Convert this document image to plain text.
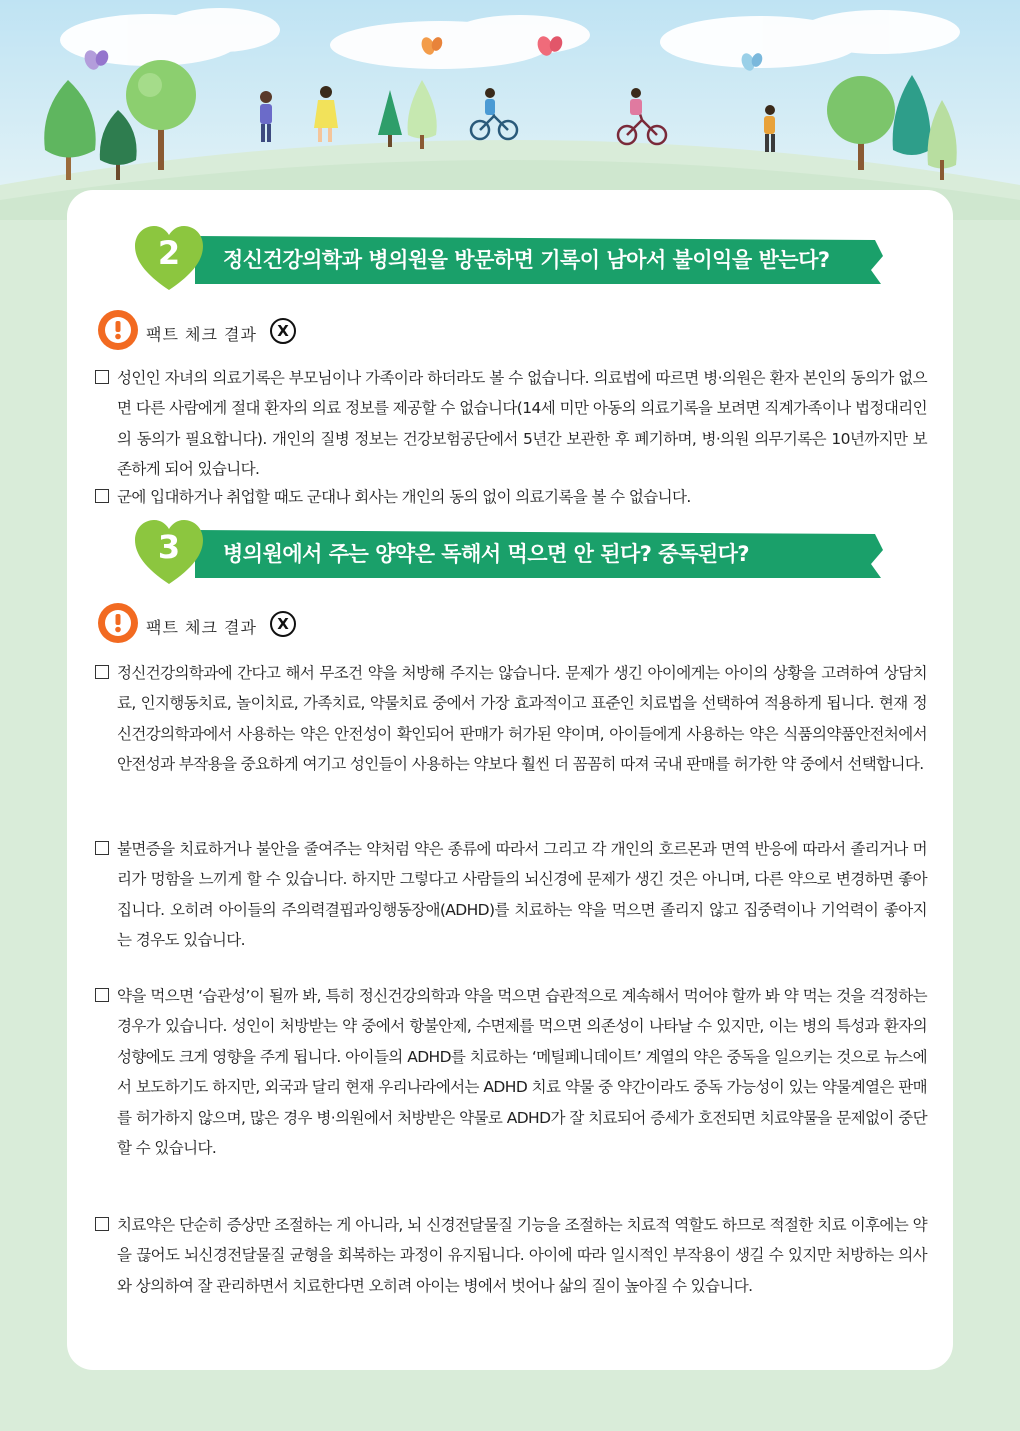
2	정신건강의학과 병의원을 방문하면 기록이 남아서 불이익을 받는다?
팩트 체크 결과	X

성인인 자녀의 의료기록은 부모님이나 가족이라 하더라도 볼 수 없습니다. 의료법에 따르면 병·의원은 환자 본인의 동의가 없으면 다른 사람에게 절대 환자의 의료 정보를 제공할 수 없습니다(14세 미만 아동의 의료기록을 보려면 직계가족이나 법정대리인의 동의가 필요합니다). 개인의 질병 정보는 건강보험공단에서 5년간 보관한 후 폐기하며, 병·의원 의무기록은 10년까지만 보존하게 되어 있습니다.

군에 입대하거나 취업할 때도 군대나 회사는 개인의 동의 없이 의료기록을 볼 수 없습니다.

3	병의원에서 주는 양약은 독해서 먹으면 안 된다? 중독된다?
팩트 체크 결과	X

정신건강의학과에 간다고 해서 무조건 약을 처방해 주지는 않습니다. 문제가 생긴 아이에게는 아이의 상황을 고려하여 상담치료, 인지행동치료, 놀이치료, 가족치료, 약물치료 중에서 가장 효과적이고 표준인 치료법을 선택하여 적용하게 됩니다. 현재 정신건강의학과에서 사용하는 약은 안전성이 확인되어 판매가 허가된 약이며, 아이들에게 사용하는 약은 식품의약품안전처에서 안전성과 부작용을 중요하게 여기고 성인들이 사용하는 약보다 훨씬 더 꼼꼼히 따져 국내 판매를 허가한 약 중에서 선택합니다.

불면증을 치료하거나 불안을 줄여주는 약처럼 약은 종류에 따라서 그리고 각 개인의 호르몬과 면역 반응에 따라서 졸리거나 머리가 멍함을 느끼게 할 수 있습니다. 하지만 그렇다고 사람들의 뇌신경에 문제가 생긴 것은 아니며, 다른 약으로 변경하면 좋아집니다. 오히려 아이들의 주의력결핍과잉행동장애(ADHD)를 치료하는 약을 먹으면 졸리지 않고 집중력이나 기억력이 좋아지는 경우도 있습니다.

약을 먹으면 ‘습관성’이 될까 봐, 특히 정신건강의학과 약을 먹으면 습관적으로 계속해서 먹어야 할까 봐 약 먹는 것을 걱정하는 경우가 있습니다. 성인이 처방받는 약 중에서 항불안제, 수면제를 먹으면 의존성이 나타날 수 있지만, 이는 병의 특성과 환자의 성향에도 크게 영향을 주게 됩니다. 아이들의 ADHD를 치료하는 ‘메틸페니데이트’ 계열의 약은 중독을 일으키는 것으로 뉴스에서 보도하기도 하지만, 외국과 달리 현재 우리나라에서는 ADHD 치료 약물 중 약간이라도 중독 가능성이 있는 약물계열은 판매를 허가하지 않으며, 많은 경우 병·의원에서 처방받은 약물로 ADHD가 잘 치료되어 증세가 호전되면 치료약물을 문제없이 중단할 수 있습니다.

치료약은 단순히 증상만 조절하는 게 아니라, 뇌 신경전달물질 기능을 조절하는 치료적 역할도 하므로 적절한 치료 이후에는 약을 끊어도 뇌신경전달물질 균형을 회복하는 과정이 유지됩니다. 아이에 따라 일시적인 부작용이 생길 수 있지만 처방하는 의사와 상의하여 잘 관리하면서 치료한다면 오히려 아이는 병에서 벗어나 삶의 질이 높아질 수 있습니다.
